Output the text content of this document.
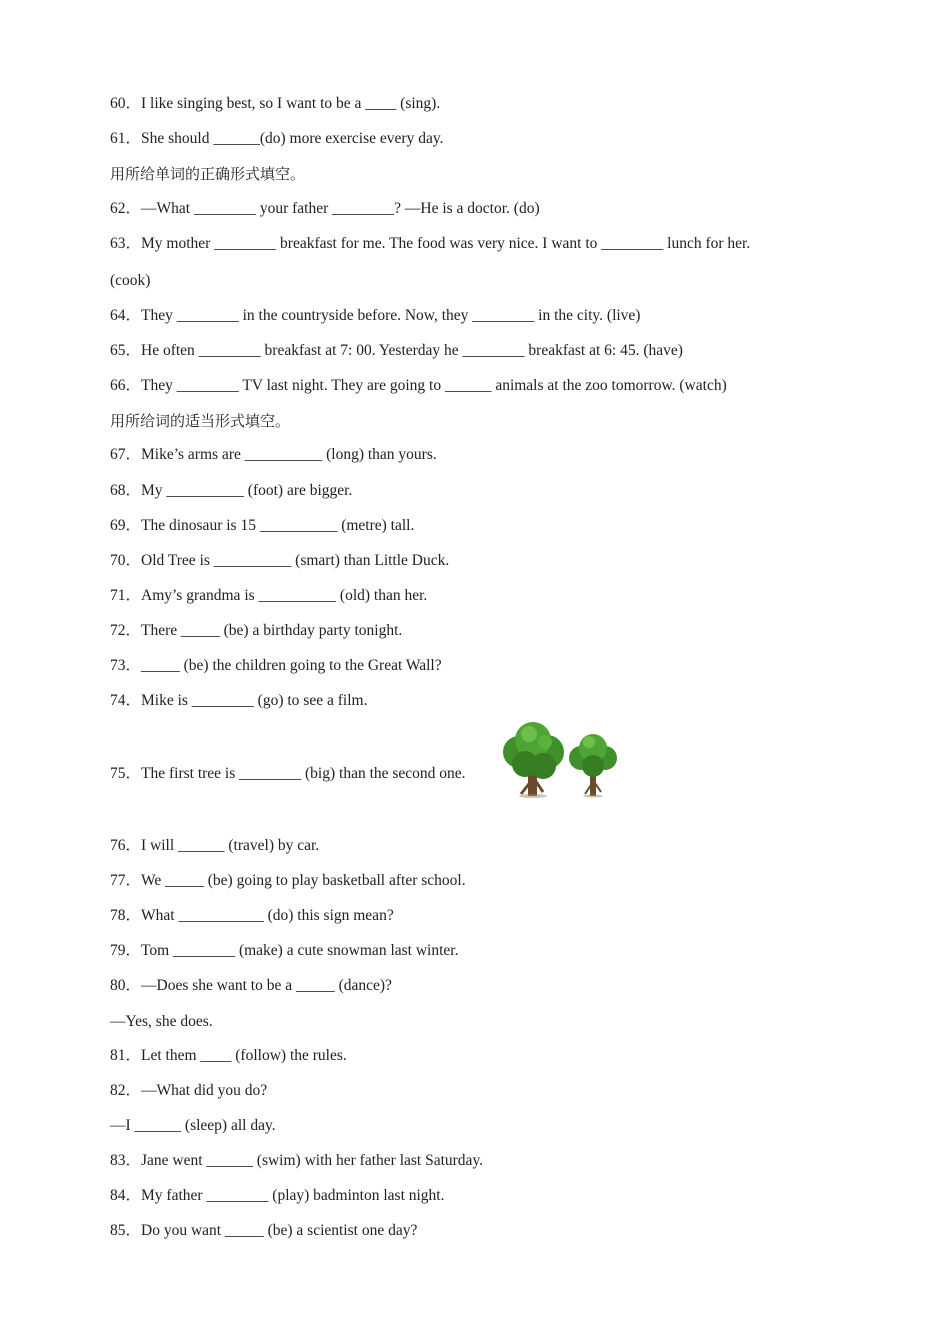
60．I like singing best, so I want to be a ____ (sing).
61．She should ______(do) more exercise every day.
用所给单词的正确形式填空。
62．—What ________ your father ________? —He is a doctor. (do)
63．My mother ________ breakfast for me. The food was very nice. I want to ________ lunch for her.
(cook)
64．They ________ in the countryside before. Now, they ________ in the city. (live)
65．He often ________ breakfast at 7: 00. Yesterday he ________ breakfast at 6: 45. (have)
66．They ________ TV last night. They are going to ______ animals at the zoo tomorrow. (watch)
用所给词的适当形式填空。
67．Mike’s arms are __________ (long) than yours.
68．My __________ (foot) are bigger.
69．The dinosaur is 15 __________ (metre) tall.
70．Old Tree is __________ (smart) than Little Duck.
71．Amy’s grandma is __________ (old) than her.
72．There _____ (be) a birthday party tonight.
73．_____ (be) the children going to the Great Wall?
74．Mike is ________ (go) to see a film.
75．The first tree is ________ (big) than the second one.
76．I will ______ (travel) by car.
77．We _____ (be) going to play basketball after school.
78．What ___________ (do) this sign mean?
79．Tom ________ (make) a cute snowman last winter.
80．—Does she want to be a _____ (dance)?
—Yes, she does.
81．Let them ____ (follow) the rules.
82．—What did you do?
—I ______ (sleep) all day.
83．Jane went ______ (swim) with her father last Saturday.
84．My father ________ (play) badminton last night.
85．Do you want _____ (be) a scientist one day?
